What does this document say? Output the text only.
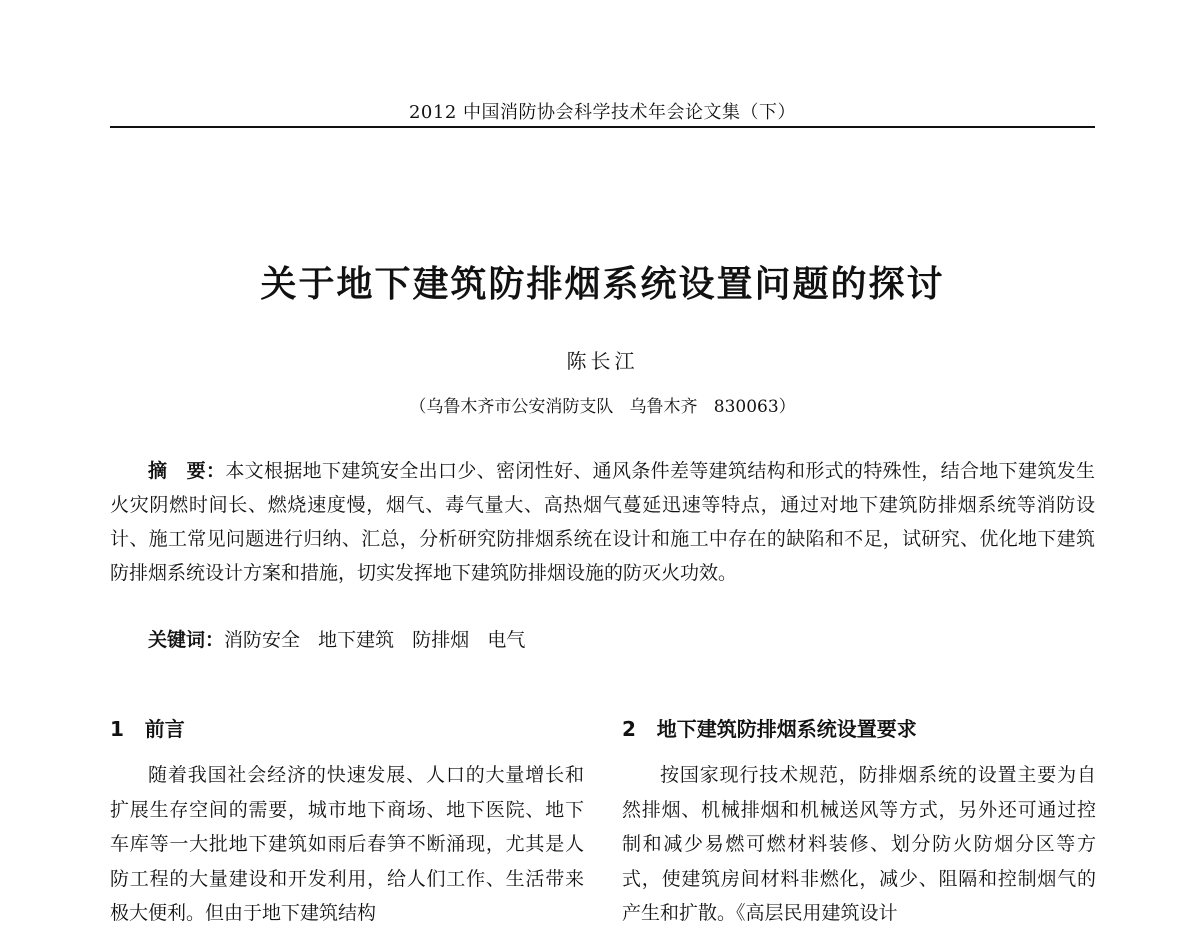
2012 中国消防协会科学技术年会论文集（下）
关于地下建筑防排烟系统设置问题的探讨
陈长江
（乌鲁木齐市公安消防支队   乌鲁木齐   830063）
摘　要：本文根据地下建筑安全出口少、密闭性好、通风条件差等建筑结构和形式的特殊性，结合地下建筑发生火灾阴燃时间长、燃烧速度慢，烟气、毒气量大、高热烟气蔓延迅速等特点，通过对地下建筑防排烟系统等消防设计、施工常见问题进行归纳、汇总，分析研究防排烟系统在设计和施工中存在的缺陷和不足，试研究、优化地下建筑防排烟系统设计方案和措施，切实发挥地下建筑防排烟设施的防灭火功效。
关键词：消防安全   地下建筑   防排烟   电气
1   前言
随着我国社会经济的快速发展、人口的大量增长和扩展生存空间的需要，城市地下商场、地下医院、地下车库等一大批地下建筑如雨后春笋不断涌现，尤其是人防工程的大量建设和开发利用，给人们工作、生活带来极大便利。但由于地下建筑结构
2   地下建筑防排烟系统设置要求
按国家现行技术规范，防排烟系统的设置主要为自然排烟、机械排烟和机械送风等方式，另外还可通过控制和减少易燃可燃材料装修、划分防火防烟分区等方式，使建筑房间材料非燃化，减少、阻隔和控制烟气的产生和扩散。《高层民用建筑设计
